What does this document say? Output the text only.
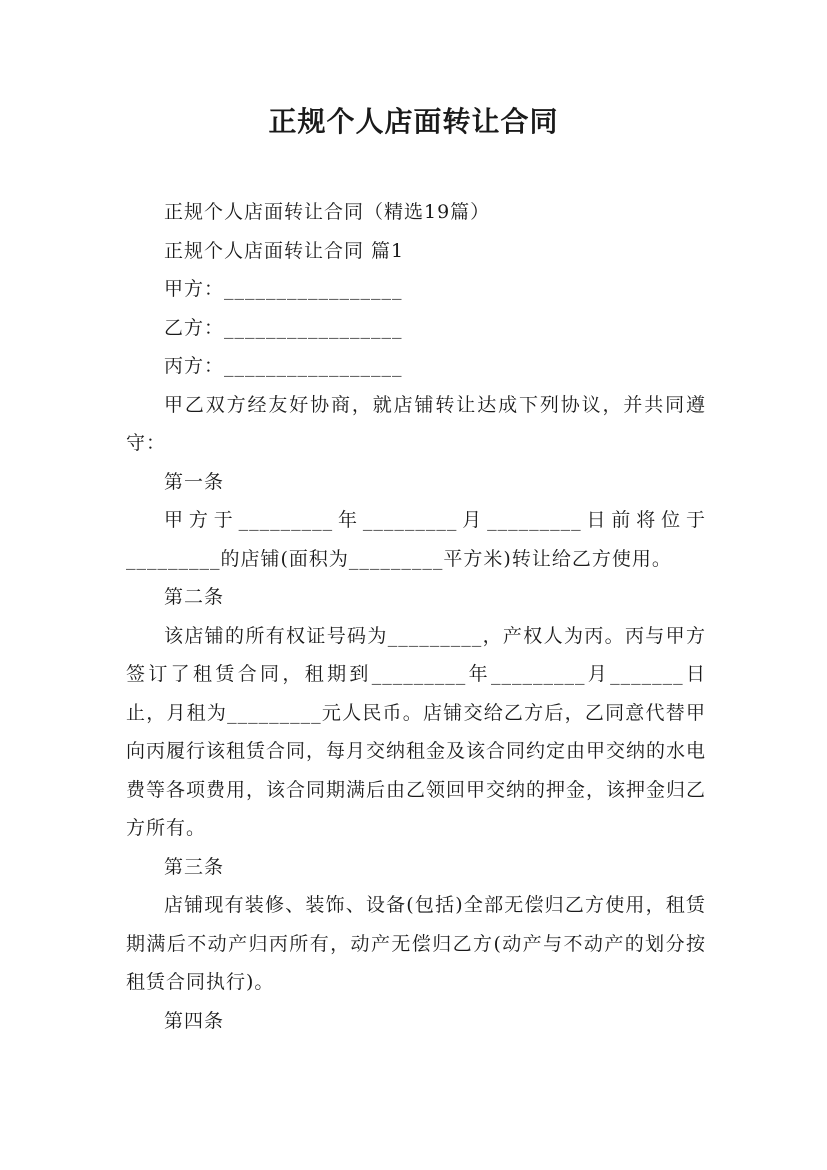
正规个人店面转让合同

正规个人店面转让合同（精选19篇）

正规个人店面转让合同 篇1

甲方：_________________

乙方：_________________

丙方：_________________

甲乙双方经友好协商，就店铺转让达成下列协议，并共同遵守：

第一条

甲方于_________年_________月_________日前将位于_________的店铺(面积为_________平方米)转让给乙方使用。

第二条

该店铺的所有权证号码为_________，产权人为丙。丙与甲方签订了租赁合同，租期到_________年_________月_______日止，月租为_________元人民币。店铺交给乙方后，乙同意代替甲向丙履行该租赁合同，每月交纳租金及该合同约定由甲交纳的水电费等各项费用，该合同期满后由乙领回甲交纳的押金，该押金归乙方所有。

第三条

店铺现有装修、装饰、设备(包括)全部无偿归乙方使用，租赁期满后不动产归丙所有，动产无偿归乙方(动产与不动产的划分按租赁合同执行)。

第四条
